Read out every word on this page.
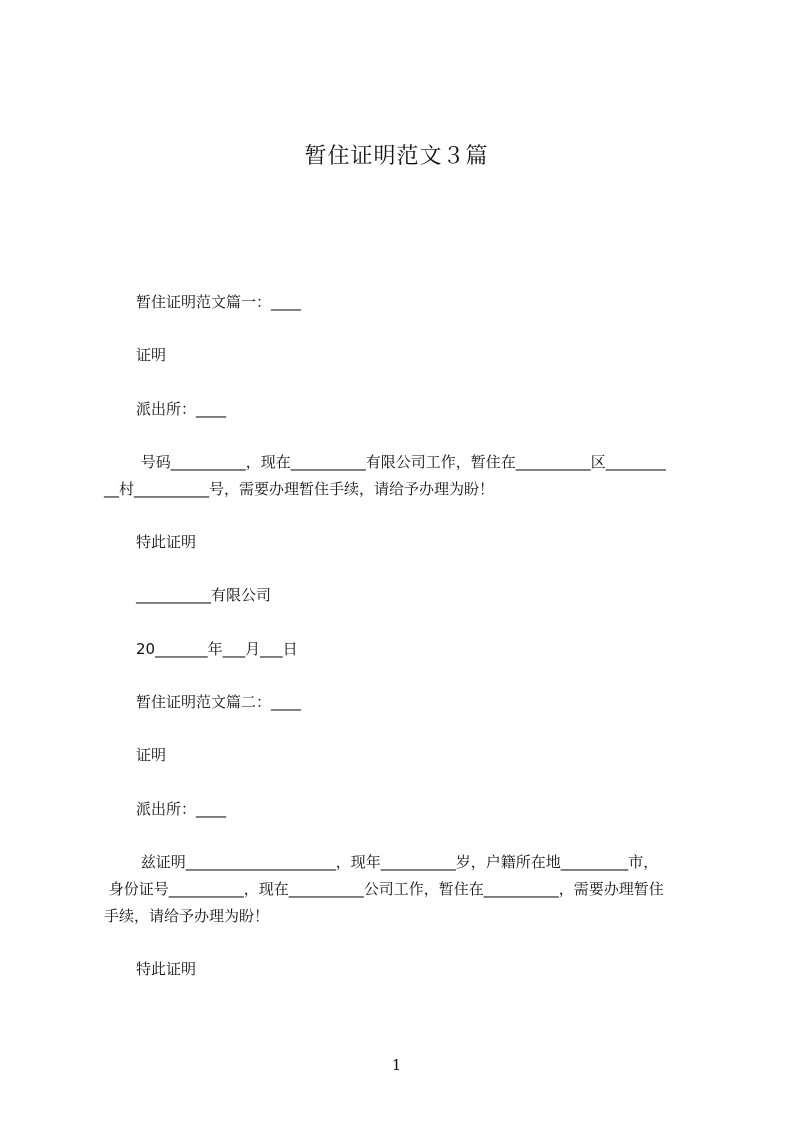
暂住证明范文３篇
暂住证明范文篇一：____
证明
派出所：____
号码__________，现在__________有限公司工作，暂住在__________区________
__村__________号，需要办理暂住手续，请给予办理为盼！
特此证明
__________有限公司
20_______年___月___日
暂住证明范文篇二：____
证明
派出所：____
兹证明____________________，现年__________岁，户籍所在地_________市，
身份证号__________，现在__________公司工作，暂住在__________，需要办理暂住
手续，请给予办理为盼！
特此证明
1
